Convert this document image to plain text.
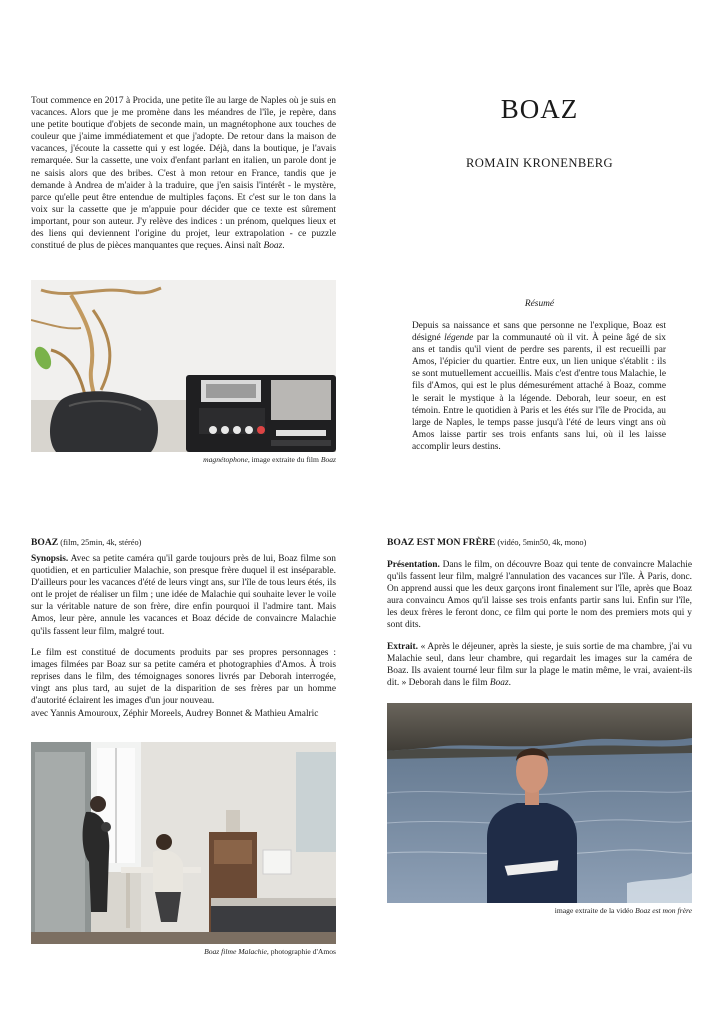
Tout commence en 2017 à Procida, une petite île au large de Naples où je suis en vacances. Alors que je me promène dans les méandres de l'île, je repère, dans une petite boutique d'objets de seconde main, un magnétophone aux touches de couleur que j'aime immédiatement et que j'adopte. De retour dans la maison de vacances, j'écoute la cassette qui y est logée. Déjà, dans la boutique, je l'avais remarquée. Sur la cassette, une voix d'enfant parlant en italien, un parole dont je ne saisis alors que des bribes. C'est à mon retour en France, tandis que je demande à Andrea de m'aider à la traduire, que j'en saisis l'intérêt - le mystère, parce qu'elle peut être entendue de multiples façons. Et c'est sur le ton dans la voix sur la cassette que je m'appuie pour décider que ce texte est sûrement important, pour son auteur. J'y relève des indices : un prénom, quelques lieux et des liens qui deviennent l'origine du projet, leur extrapolation - ce puzzle constitué de plus de pièces manquantes que reçues. Ainsi naît Boaz.

BOAZ
ROMAIN KRONENBERG
magnétophone, image extraite du film Boaz
Résumé

Depuis sa naissance et sans que personne ne l'explique, Boaz est désigné légende par la communauté où il vit. À peine âgé de six ans et tandis qu'il vient de perdre ses parents, il est recueilli par Amos, l'épicier du quartier. Entre eux, un lien unique s'établit : ils se sont mutuellement accueillis. Mais c'est d'entre tous Malachie, le fils d'Amos, qui est le plus démesurément attaché à Boaz, comme le serait le mystique à la légende. Deborah, leur soeur, en est témoin. Entre le quotidien à Paris et les étés sur l'île de Procida, au large de Naples, le temps passe jusqu'à l'été de leurs vingt ans où Amos laisse partir ses trois enfants sans lui, où il les laisse accomplir leurs destins.

BOAZ (film, 25min, 4k, stéréo)

Synopsis. Avec sa petite caméra qu'il garde toujours près de lui, Boaz filme son quotidien, et en particulier Malachie, son presque frère duquel il est inséparable. D'ailleurs pour les vacances d'été de leurs vingt ans, sur l'île de tous leurs étés, ils ont le projet de réaliser un film ; une idée de Malachie qui souhaite lever le voile sur la véritable nature de son frère, dire enfin pourquoi il l'admire tant. Mais Amos, leur père, annule les vacances et Boaz décide de convaincre Malachie qu'ils fassent leur film, malgré tout.

Le film est constitué de documents produits par ses propres personnages : images filmées par Boaz sur sa petite caméra et photographies d'Amos. À trois reprises dans le film, des témoignages sonores livrés par Deborah interrogée, vingt ans plus tard, au sujet de la disparition de ses frères par un homme d'autorité éclairent les images d'un jour nouveau.

avec Yannis Amouroux, Zéphir Moreels, Audrey Bonnet & Mathieu Amalric

Boaz filme Malachie, photographie d'Amos
BOAZ EST MON FRÈRE (vidéo, 5min50, 4k, mono)

Présentation. Dans le film, on découvre Boaz qui tente de convaincre Malachie qu'ils fassent leur film, malgré l'annulation des vacances sur l'île. À Paris, donc. On apprend aussi que les deux garçons iront finalement sur l'île, après que Boaz aura convaincu Amos qu'il laisse ses trois enfants partir sans lui. Enfin sur l'île, les deux frères le feront donc, ce film qui porte le nom des premiers mots qui y sont dits.

Extrait. « Après le déjeuner, après la sieste, je suis sortie de ma chambre, j'ai vu Malachie seul, dans leur chambre, qui regardait les images sur la caméra de Boaz. Ils avaient tourné leur film sur la plage le matin même, le vrai, avaient-ils dit. » Deborah dans le film Boaz.

image extraite de la vidéo Boaz est mon frère
